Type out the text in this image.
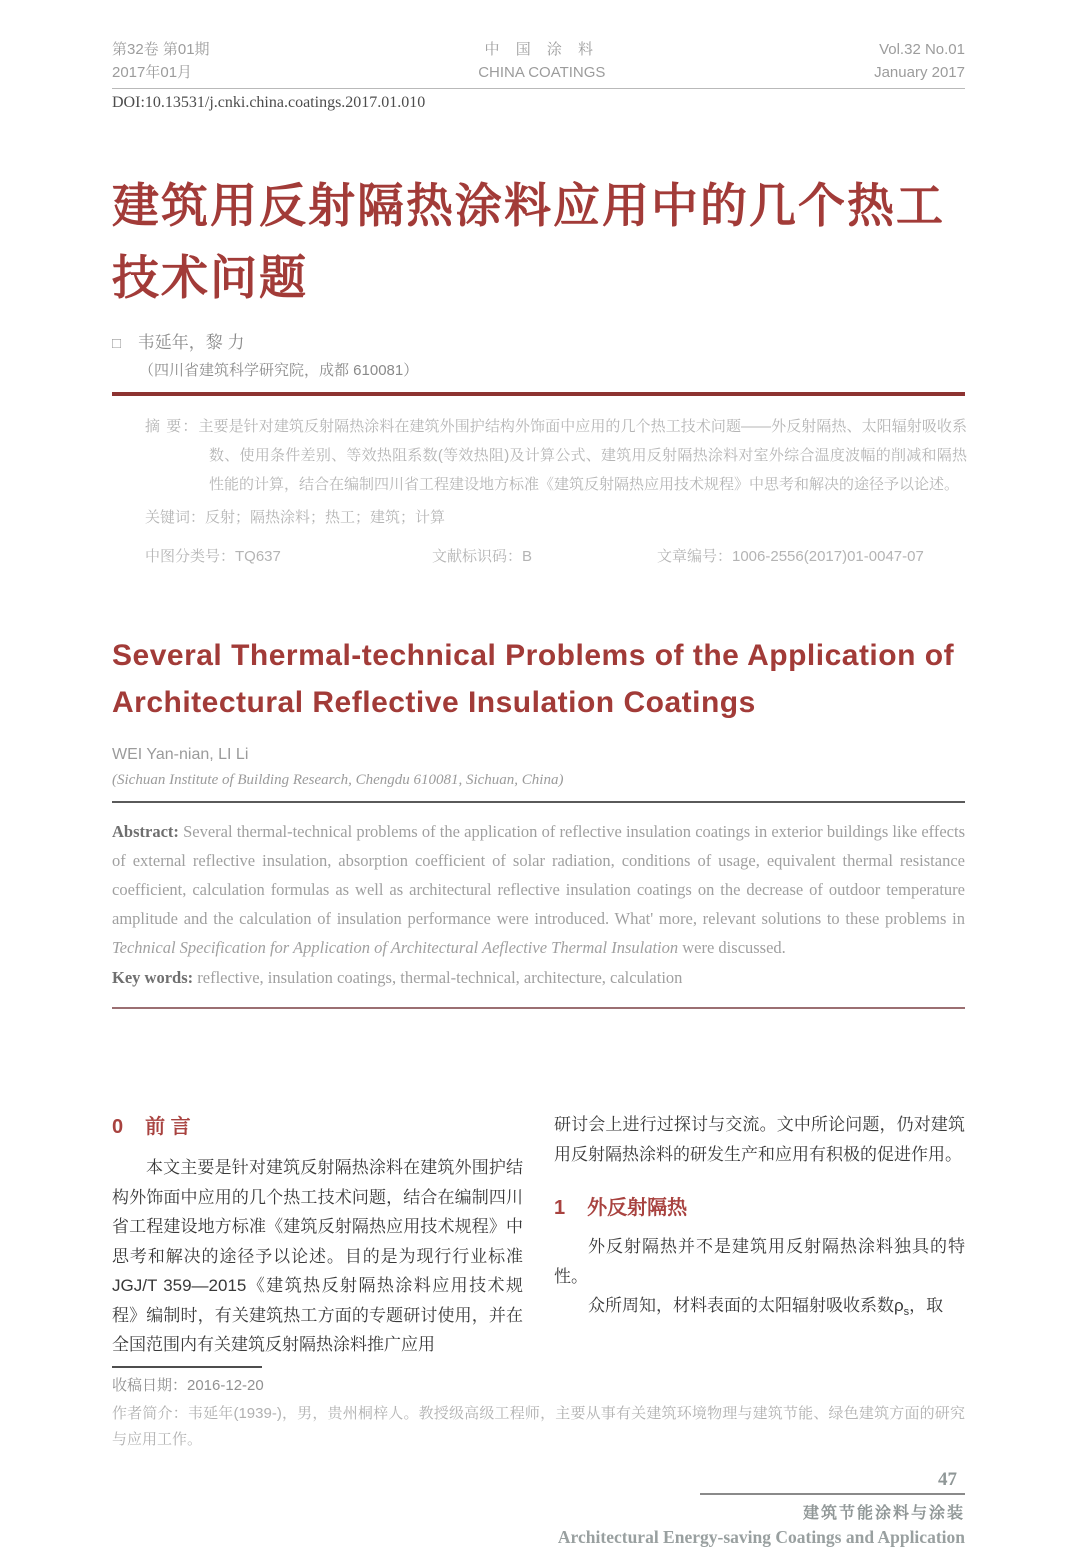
第32卷 第01期
2017年01月
中 国 涂 料
CHINA COATINGS
Vol.32 No.01
January 2017
DOI:10.13531/j.cnki.china.coatings.2017.01.010
建筑用反射隔热涂料应用中的几个热工
技术问题
□ 韦延年，黎 力
（四川省建筑科学研究院，成都 610081）
摘 要：主要是针对建筑反射隔热涂料在建筑外围护结构外饰面中应用的几个热工技术问题——外反射隔热、太阳辐射吸收系数、使用条件差别、等效热阻系数(等效热阻)及计算公式、建筑用反射隔热涂料对室外综合温度波幅的削减和隔热性能的计算，结合在编制四川省工程建设地方标准《建筑反射隔热应用技术规程》中思考和解决的途径予以论述。
关键词：反射；隔热涂料；热工；建筑；计算
中图分类号：TQ637	文献标识码：B	文章编号：1006-2556(2017)01-0047-07
Several Thermal-technical Problems of the Application of
Architectural Reflective Insulation Coatings
WEI Yan-nian, LI Li
(Sichuan Institute of Building Research, Chengdu 610081, Sichuan, China)
Abstract: Several thermal-technical problems of the application of reflective insulation coatings in exterior buildings like effects of external reflective insulation, absorption coefficient of solar radiation, conditions of usage, equivalent thermal resistance coefficient, calculation formulas as well as architectural reflective insulation coatings on the decrease of outdoor temperature amplitude and the calculation of insulation performance were introduced. What' more, relevant solutions to these problems in Technical Specification for Application of Architectural Aeflective Thermal Insulation were discussed.
Key words: reflective, insulation coatings, thermal-technical, architecture, calculation
0 前 言

本文主要是针对建筑反射隔热涂料在建筑外围护结构外饰面中应用的几个热工技术问题，结合在编制四川省工程建设地方标准《建筑反射隔热应用技术规程》中思考和解决的途径予以论述。目的是为现行行业标准JGJ/T 359—2015《建筑热反射隔热涂料应用技术规程》编制时，有关建筑热工方面的专题研讨使用，并在全国范围内有关建筑反射隔热涂料推广应用

收稿日期：2016-12-20

研讨会上进行过探讨与交流。文中所论问题，仍对建筑用反射隔热涂料的研发生产和应用有积极的促进作用。

1 外反射隔热

外反射隔热并不是建筑用反射隔热涂料独具的特性。

众所周知，材料表面的太阳辐射吸收系数$\rho_s$，取

作者简介：韦延年(1939-)，男，贵州桐梓人。教授级高级工程师，主要从事有关建筑环境物理与建筑节能、绿色建筑方面的研究与应用工作。
47
建筑节能涂料与涂装
Architectural Energy-saving Coatings and Application
